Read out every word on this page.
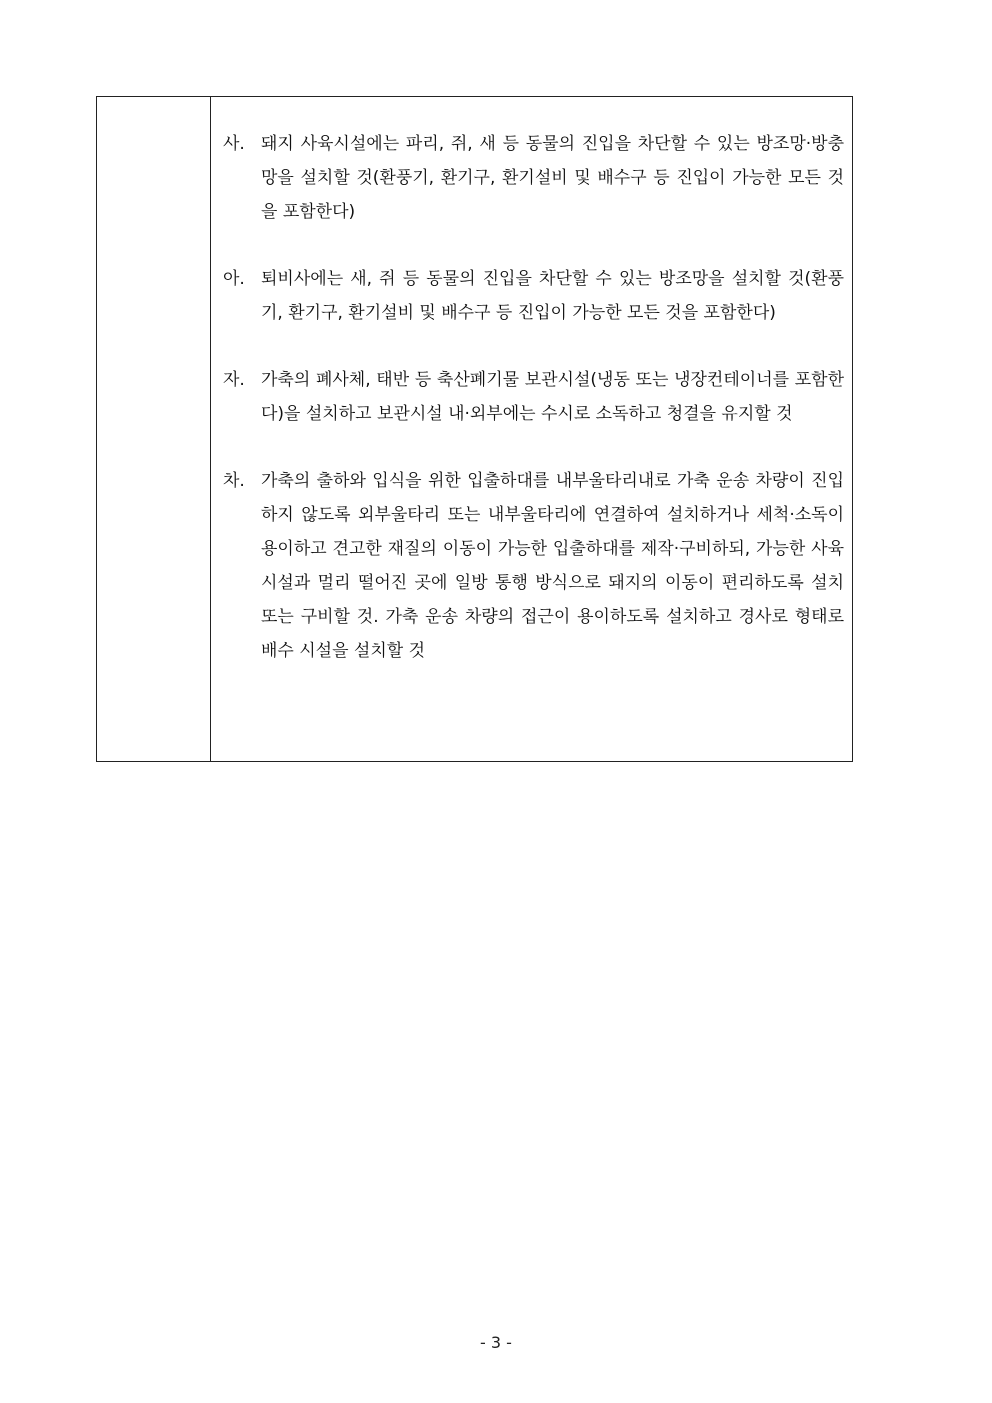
사. 돼지 사육시설에는 파리, 쥐, 새 등 동물의 진입을 차단할 수 있는 방조망·방충망을 설치할 것(환풍기, 환기구, 환기설비 및 배수구 등 진입이 가능한 모든 것을 포함한다)
아. 퇴비사에는 새, 쥐 등 동물의 진입을 차단할 수 있는 방조망을 설치할 것(환풍기, 환기구, 환기설비 및 배수구 등 진입이 가능한 모든 것을 포함한다)
자. 가축의 폐사체, 태반 등 축산폐기물 보관시설(냉동 또는 냉장컨테이너를 포함한다)을 설치하고 보관시설 내·외부에는 수시로 소독하고 청결을 유지할 것
차. 가축의 출하와 입식을 위한 입출하대를 내부울타리내로 가축 운송 차량이 진입하지 않도록 외부울타리 또는 내부울타리에 연결하여 설치하거나 세척·소독이 용이하고 견고한 재질의 이동이 가능한 입출하대를 제작·구비하되, 가능한 사육시설과 멀리 떨어진 곳에 일방 통행 방식으로 돼지의 이동이 편리하도록 설치 또는 구비할 것. 가축 운송 차량의 접근이 용이하도록 설치하고 경사로 형태로 배수 시설을 설치할 것
- 3 -
